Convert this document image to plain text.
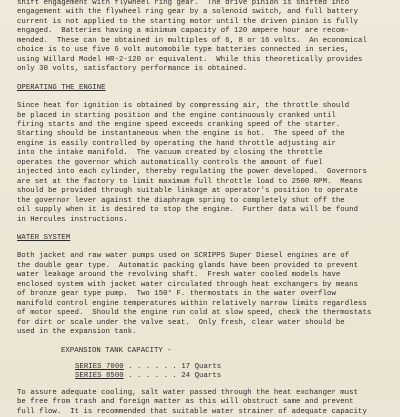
shift engagement with flywheel ring gear.  The drive pinion is shifted into
engagement with the flywheel ring gear by a solenoid switch, and full battery
current is not applied to the starting motor until the driven pinion is fully
engaged.  Batteries having a minimum capacity of 120 ampere hour are recom-
mended.  These can be obtained in multiples of 6, 8 or 16 volts.  An economical
choice is to use five 6 volt automobile type batteries connected in series,
using Willard Model HR-2-120 or equivalent.  While this theoretically provides
only 30 volts, satisfactory performance is obtained.
OPERATING THE ENGINE
Since heat for ignition is obtained by compressing air, the throttle should
be placed in starting position and the engine continuously cranked until
firing starts and the engine speed exceeds cranking speed of the starter.
Starting should be instantaneous when the engine is hot.  The speed of the
engine is easily controlled by operating the hand throttle adjusting air
into the intake manifold.  The vacuum created by closing the throttle
operates the governor which automatically controls the amount of fuel
injected into each cylinder, thereby regulating the power developed.  Governors
are set at the factory to limit maximum full throttle load to 2500 RPM.  Means
should be provided through suitable linkage at operator's position to operate
the governor lever against the diaphragm spring to completely shut off the
oil supply when it is desired to stop the engine.  Further data will be found
in Hercules instructions.
WATER SYSTEM
Both jacket and raw water pumps used on SCRIPPS Super Diesel engines are of
the double gear type.  Automatic packing glands have been provided to prevent
water leakage around the revolving shaft.  Fresh water cooled models have
enclosed system with jacket water circulated through heat exchangers by means
of bronze gear type pump.  Two 150° F. thermostats in the water overflow
manifold control engine temperatures within relatively narrow limits regardless
of motor speed.  Should the engine run cold at slow speed, check the thermostats
for dirt or scale under the valve seat.  Only fresh, clear water should be
used in the expansion tank.
EXPANSION TANK CAPACITY -
SERIES 7000 . . . . . . 17 Quarts
SERIES 8500 . . . . . . 24 Quarts
To assure adequate cooling, salt water passed through the heat exchanger must
be free from trash and foreign matter as this will obstruct same and prevent
full flow.  It is recommended that suitable water strainer of adequate capacity
